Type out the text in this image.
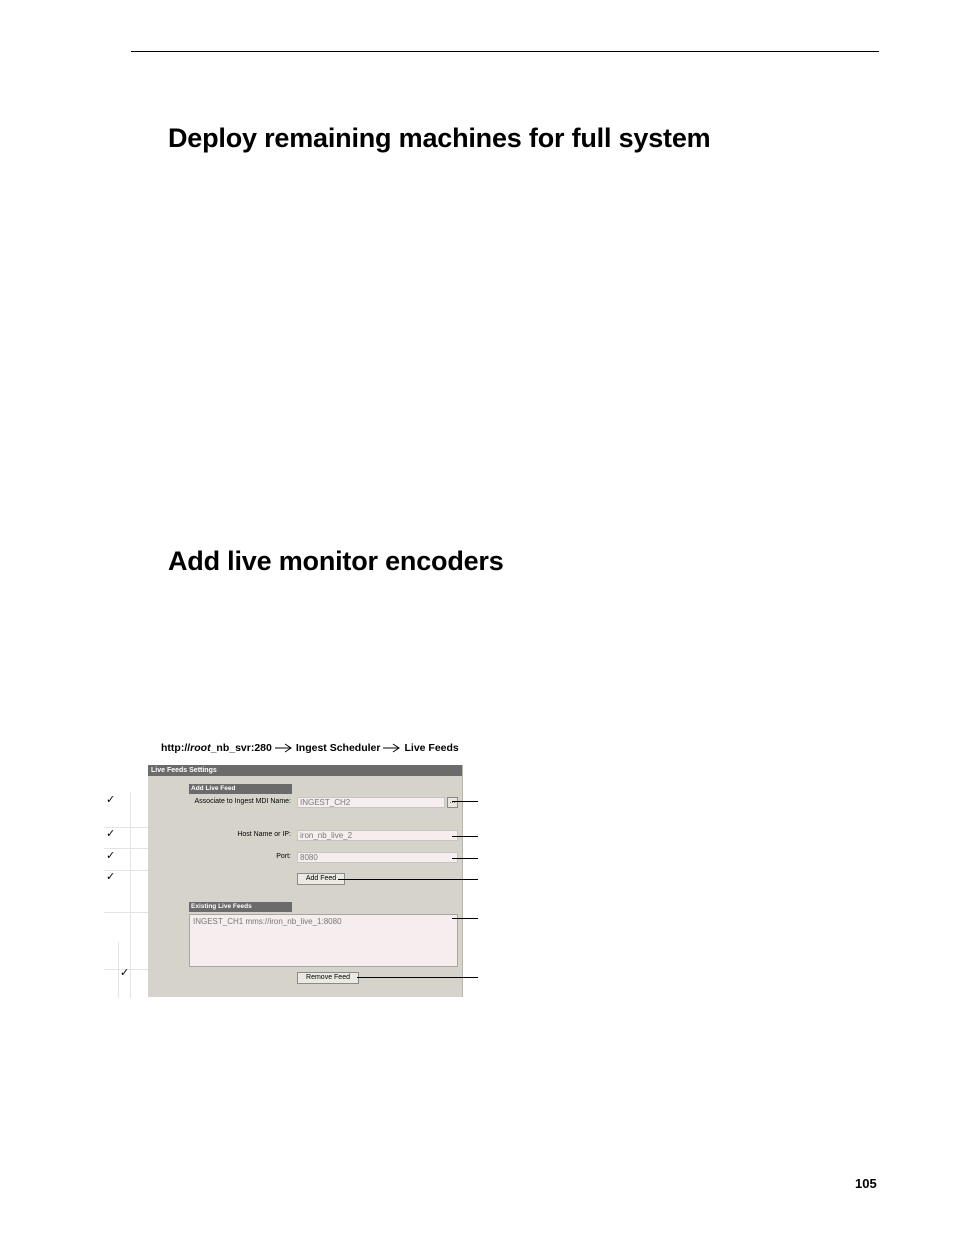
Deploy remaining machines for full system
Add live monitor encoders
http:// root _nb_svr:280 Ingest Scheduler Live Feeds
✓
✓
✓
✓
✓
Live Feeds Settings
Add Live Feed
Associate to Ingest MDI Name:	INGEST_CH2	…
Host Name or IP:	iron_nb_live_2
Port:	8080
Add Feed
Existing Live Feeds
INGEST_CH1 mms://iron_nb_live_1:8080
Remove Feed
105
